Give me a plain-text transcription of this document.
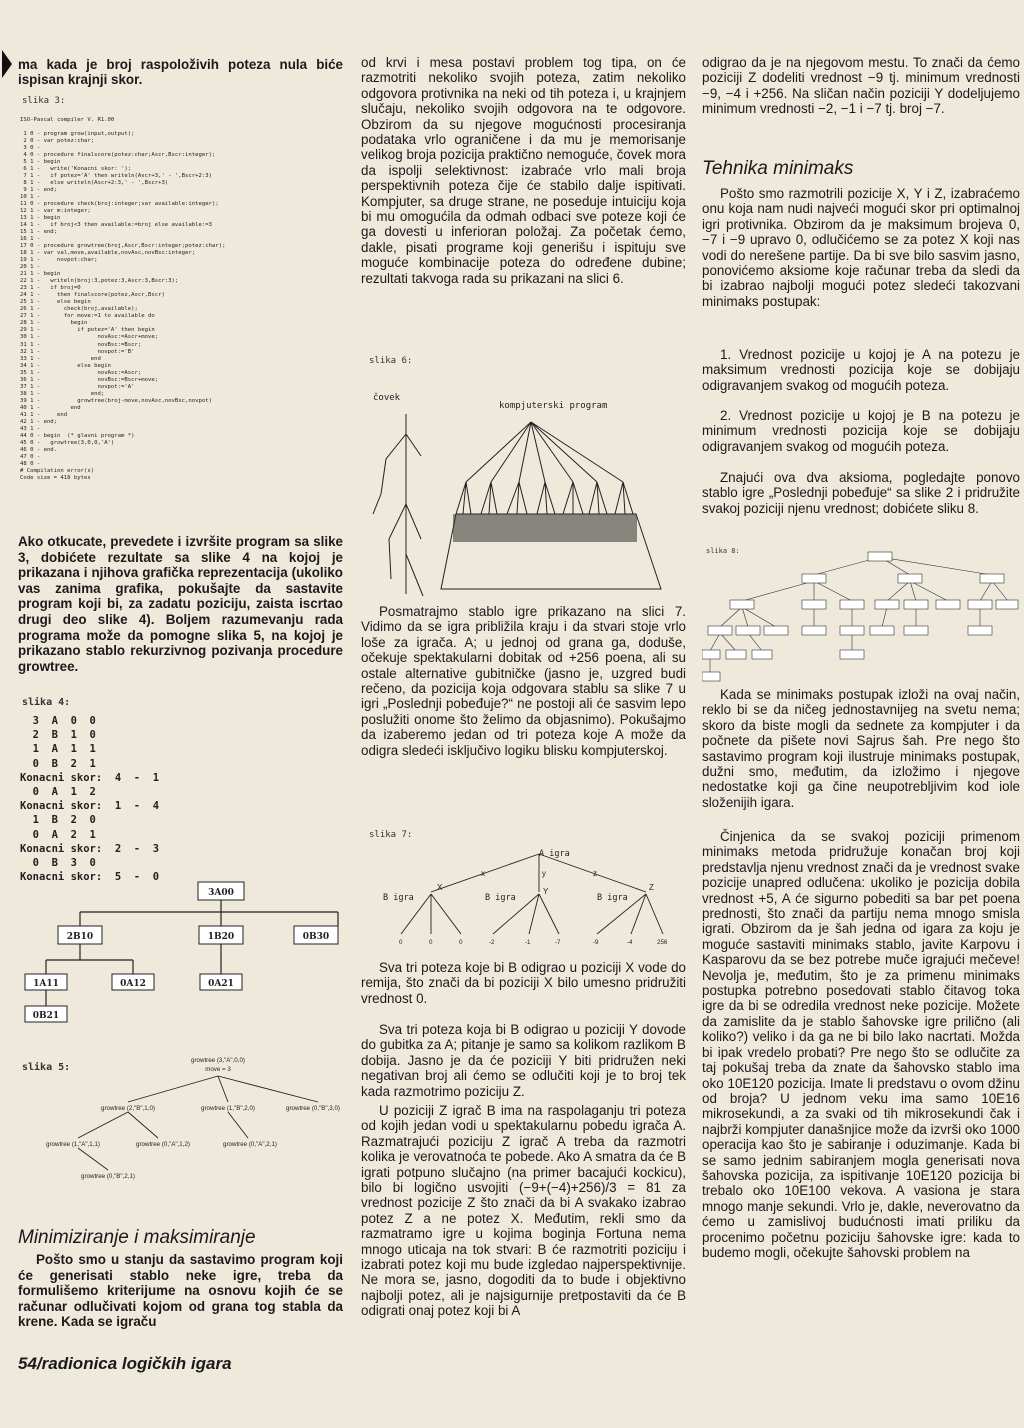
ma kada je broj raspoloživih poteza nula biće ispisan krajnji skor.

slika 3:
ISO-Pascal compiler V. R1.00

1 0 - program grow(input,output);
2 0 - var potez:char;
3 0 -
4 0 - procedure finalscore(potez:char;Ascr,Bscr:integer);
5 1 - begin
6 1 -   write('Konacni skor: ');
7 1 -   if potez='A' then writeln(Ascr+3,' - ',Bscr+2:3)
8 1 -   else writeln(Ascr+2:3,' - ',Bscr+3)
9 1 - end;
10 1 -
11 0 - procedure check(broj:integer;var available:integer);
12 1 - var m:integer;
13 1 - begin
14 1 -   if broj<3 then available:=broj else available:=3
15 1 - end;
16 1 -
17 0 - procedure growtree(broj,Ascr,Bscr:integer;potez:char);
18 1 - var val,move,available,novAsc,novBsc:integer;
19 1 -     novpot:char;
20 1 -
21 1 - begin
22 1 -   writeln(broj:3,potez:3,Ascr:3,Bscr:3);
23 1 -   if broj=0
24 1 -     then finalscore(potez,Ascr,Bscr)
25 1 -     else begin
26 1 -       check(broj,available);
27 1 -       for move:=1 to available do
28 1 -         begin
29 1 -           if potez='A' then begin
30 1 -                 novAsc:=Ascr+move;
31 1 -                 novBsc:=Bscr;
32 1 -                 novpot:='B'
33 1 -               end
34 1 -           else begin
35 1 -                 novAsc:=Ascr;
36 1 -                 novBsc:=Bscr+move;
37 1 -                 novpot:='A'
38 1 -               end;
39 1 -           growtree(broj-move,novAsc,novBsc,novpot)
40 1 -         end
41 1 -     end
42 1 - end;
43 1 -
44 0 - begin  (* glavni program *)
45 0 -   growtree(3,0,0,'A')
46 0 - end.
47 0 -
48 0 -
# Compilation error(s)
Code size = 418 bytes

Ako otkucate, prevedete i izvršite program sa slike 3, dobićete rezultate sa slike 4 na kojoj je prikazana i njihova grafička reprezentacija (ukoliko vas zanima grafika, pokušajte da sastavite program koji bi, za zadatu poziciju, zaista iscrtao drugi deo slike 4). Boljem razumevanju rada programa može da pomogne slika 5, na kojoj je prikazano stablo rekurzivnog pozivanja procedure growtree.

slika 4:
3  A  0  0
2  B  1  0
1  A  1  1
0  B  2  1
Konacni skor:  4  -  1
0  A  1  2
Konacni skor:  1  -  4
1  B  2  0
0  A  2  1
Konacni skor:  2  -  3
0  B  3  0
Konacni skor:  5  -  0
3A00
2B10	1B20	0B30
1A11	0A12	0A21
0B21
slika 5:
growtree (3,"A",0,0)
move = 3
growtree (2,"B",1,0)	growtree (1,"B",2,0)	growtree (0,"B",3,0)
growtree (1,"A",1,1)	growtree (0,"A",1,2)	growtree (0,"A",2,1)
growtree (0,"B",2,1)
Minimiziranje i maksimiranje

Pošto smo u stanju da sastavimo program koji će generisati stablo neke igre, treba da formulišemo kriterijume na osnovu kojih će se računar odlučivati kojom od grana tog stabla da krene. Kada se igraču

54/radionica logičkih igara

od krvi i mesa postavi problem tog tipa, on će razmotriti nekoliko svojih poteza, zatim nekoliko odgovora protivnika na neki od tih poteza i, u krajnjem slučaju, nekoliko svojih odgovora na te odgovore. Obzirom da su njegove mogućnosti procesiranja podataka vrlo ograničene i da mu je memorisanje velikog broja pozicija praktično nemoguće, čovek mora da ispolji selektivnost: izabraće vrlo mali broja perspektivnih poteza čije će stabilo dalje ispitivati. Kompjuter, sa druge strane, ne poseduje intuiciju koja bi mu omogućila da odmah odbaci sve poteze koji će ga dovesti u inferioran položaj. Za početak ćemo, dakle, pisati programe koji generišu i ispituju sve moguće kombinacije poteza do određene dubine; rezultati takvoga rada su prikazani na slici 6.

slika 6:
čovek
kompjuterski program

Posmatrajmo stablo igre prikazano na slici 7. Vidimo da se igra približila kraju i da stvari stoje vrlo loše za igrača. A; u jednoj od grana ga, doduše, očekuje spektakularni dobitak od +256 poena, ali su ostale alternative gubitničke (jasno je, uzgred budi rečeno, da pozicija koja odgovara stablu sa slike 7 u igri „Poslednji pobeđuje?“ ne postoji ali će sasvim lepo poslužiti onome što želimo da objasnimo). Pokušajmo da izaberemo jedan od tri poteza koje A može da odigra sledeći isključivo logiku blisku kompjuterskoj.

slika 7:
A igra
x	y	z
B igra	B igra	B igra
X	Y	Z
0	0	0	-2	-1	-7	-9	-4	256

Sva tri poteza koje bi B odigrao u poziciji X vode do remija, što znači da bi poziciji X bilo umesno pridružiti vrednost 0.

Sva tri poteza koja bi B odigrao u poziciji Y dovode do gubitka za A; pitanje je samo sa kolikom razlikom B dobija. Jasno je da će poziciji Y biti pridružen neki negativan broj ali ćemo se odlučiti koji je to broj tek kada razmotrimo poziciju Z.

U poziciji Z igrač B ima na raspolaganju tri poteza od kojih jedan vodi u spektakularnu pobedu igrača A. Razmatrajući poziciju Z igrač A treba da razmotri kolika je verovatnoća te pobede. Ako A smatra da će B igrati potpuno slučajno (na primer bacajući kockicu), bilo bi logično usvojiti (−9+(−4)+256)/3 = 81 za vrednost pozicije Z što znači da bi A svakako izabrao potez Z a ne potez X. Međutim, rekli smo da razmatramo igre u kojima boginja Fortuna nema mnogo uticaja na tok stvari: B će razmotriti poziciju i izabrati potez koji mu bude izgledao najperspektivnije. Ne mora se, jasno, dogoditi da to bude i objektivno najbolji potez, ali je najsigurnije pretpostaviti da će B odigrati onaj potez koji bi A

odigrao da je na njegovom mestu. To znači da ćemo poziciji Z dodeliti vrednost −9 tj. minimum vrednosti −9, −4 i +256. Na sličan način poziciji Y dodeljujemo minimum vrednosti −2, −1 i −7 tj. broj −7.

Tehnika minimaks

Pošto smo razmotrili pozicije X, Y i Z, izabraćemo onu koja nam nudi najveći mogući skor pri optimalnoj igri protivnika. Obzirom da je maksimum brojeva 0, −7 i −9 upravo 0, odlučićemo se za potez X koji nas vodi do nerešene partije. Da bi sve bilo sasvim jasno, ponovićemo aksiome koje računar treba da sledi da bi izabrao najbolji mogući potez sledeći takozvani minimaks postupak:

1. Vrednost pozicije u kojoj je A na potezu je maksimum vrednosti pozicija koje se dobijaju odigravanjem svakog od mogućih poteza.

2. Vrednost pozicije u kojoj je B na potezu je minimum vrednosti pozicija koje se dobijaju odigravanjem svakog od mogućih poteza.

Znajući ova dva aksioma, pogledajte ponovo stablo igre „Poslednji pobeđuje“ sa slike 2 i pridružite svakoj poziciji njenu vrednost; dobićete sliku 8.

slika 8:

Kada se minimaks postupak izloži na ovaj način, reklo bi se da ničeg jednostavnijeg na svetu nema; skoro da biste mogli da sednete za kompjuter i da počnete da pišete novi Sajrus šah. Pre nego što sastavimo program koji ilustruje minimaks postupak, dužni smo, međutim, da izložimo i njegove nedostatke koji ga čine neupotrebljivim kod iole složenijih igara.

Činjenica da se svakoj poziciji primenom minimaks metoda pridružuje konačan broj koji predstavlja njenu vrednost znači da je vrednost svake pozicije unapred odlučena: ukoliko je pozicija dobila vrednost +5, A će sigurno pobediti sa bar pet poena prednosti, što znači da partiju nema mnogo smisla igrati. Obzirom da je šah jedna od igara za koju je moguće sastaviti minimaks stablo, javite Karpovu i Kasparovu da se bez potrebe muče igrajući mečeve! Nevolja je, međutim, što je za primenu minimaks postupka potrebno posedovati stablo čitavog toka igre da bi se odredila vrednost neke pozicije. Možete da zamislite da je stablo šahovske igre prilično (ali koliko?) veliko i da ga ne bi bilo lako nacrtati. Možda bi ipak vredelo probati? Pre nego što se odlučite za taj pokušaj treba da znate da šahovsko stablo ima oko 10E120 pozicija. Imate li predstavu o ovom džinu od broja? U jednom veku ima samo 10E16 mikrosekundi, a za svaki od tih mikrosekundi čak i najbrži kompjuter današnjice može da izvrši oko 1000 operacija kao što je sabiranje i oduzimanje. Kada bi se samo jednim sabiranjem mogla generisati nova šahovska pozicija, za ispitivanje 10E120 pozicija bi trebalo oko 10E100 vekova. A vasiona je stara mnogo manje sekundi. Vrlo je, dakle, neverovatno da ćemo u zamislivoj budućnosti imati priliku da procenimo početnu poziciju šahovske igre: kada to budemo mogli, očekujte šahovski problem na
